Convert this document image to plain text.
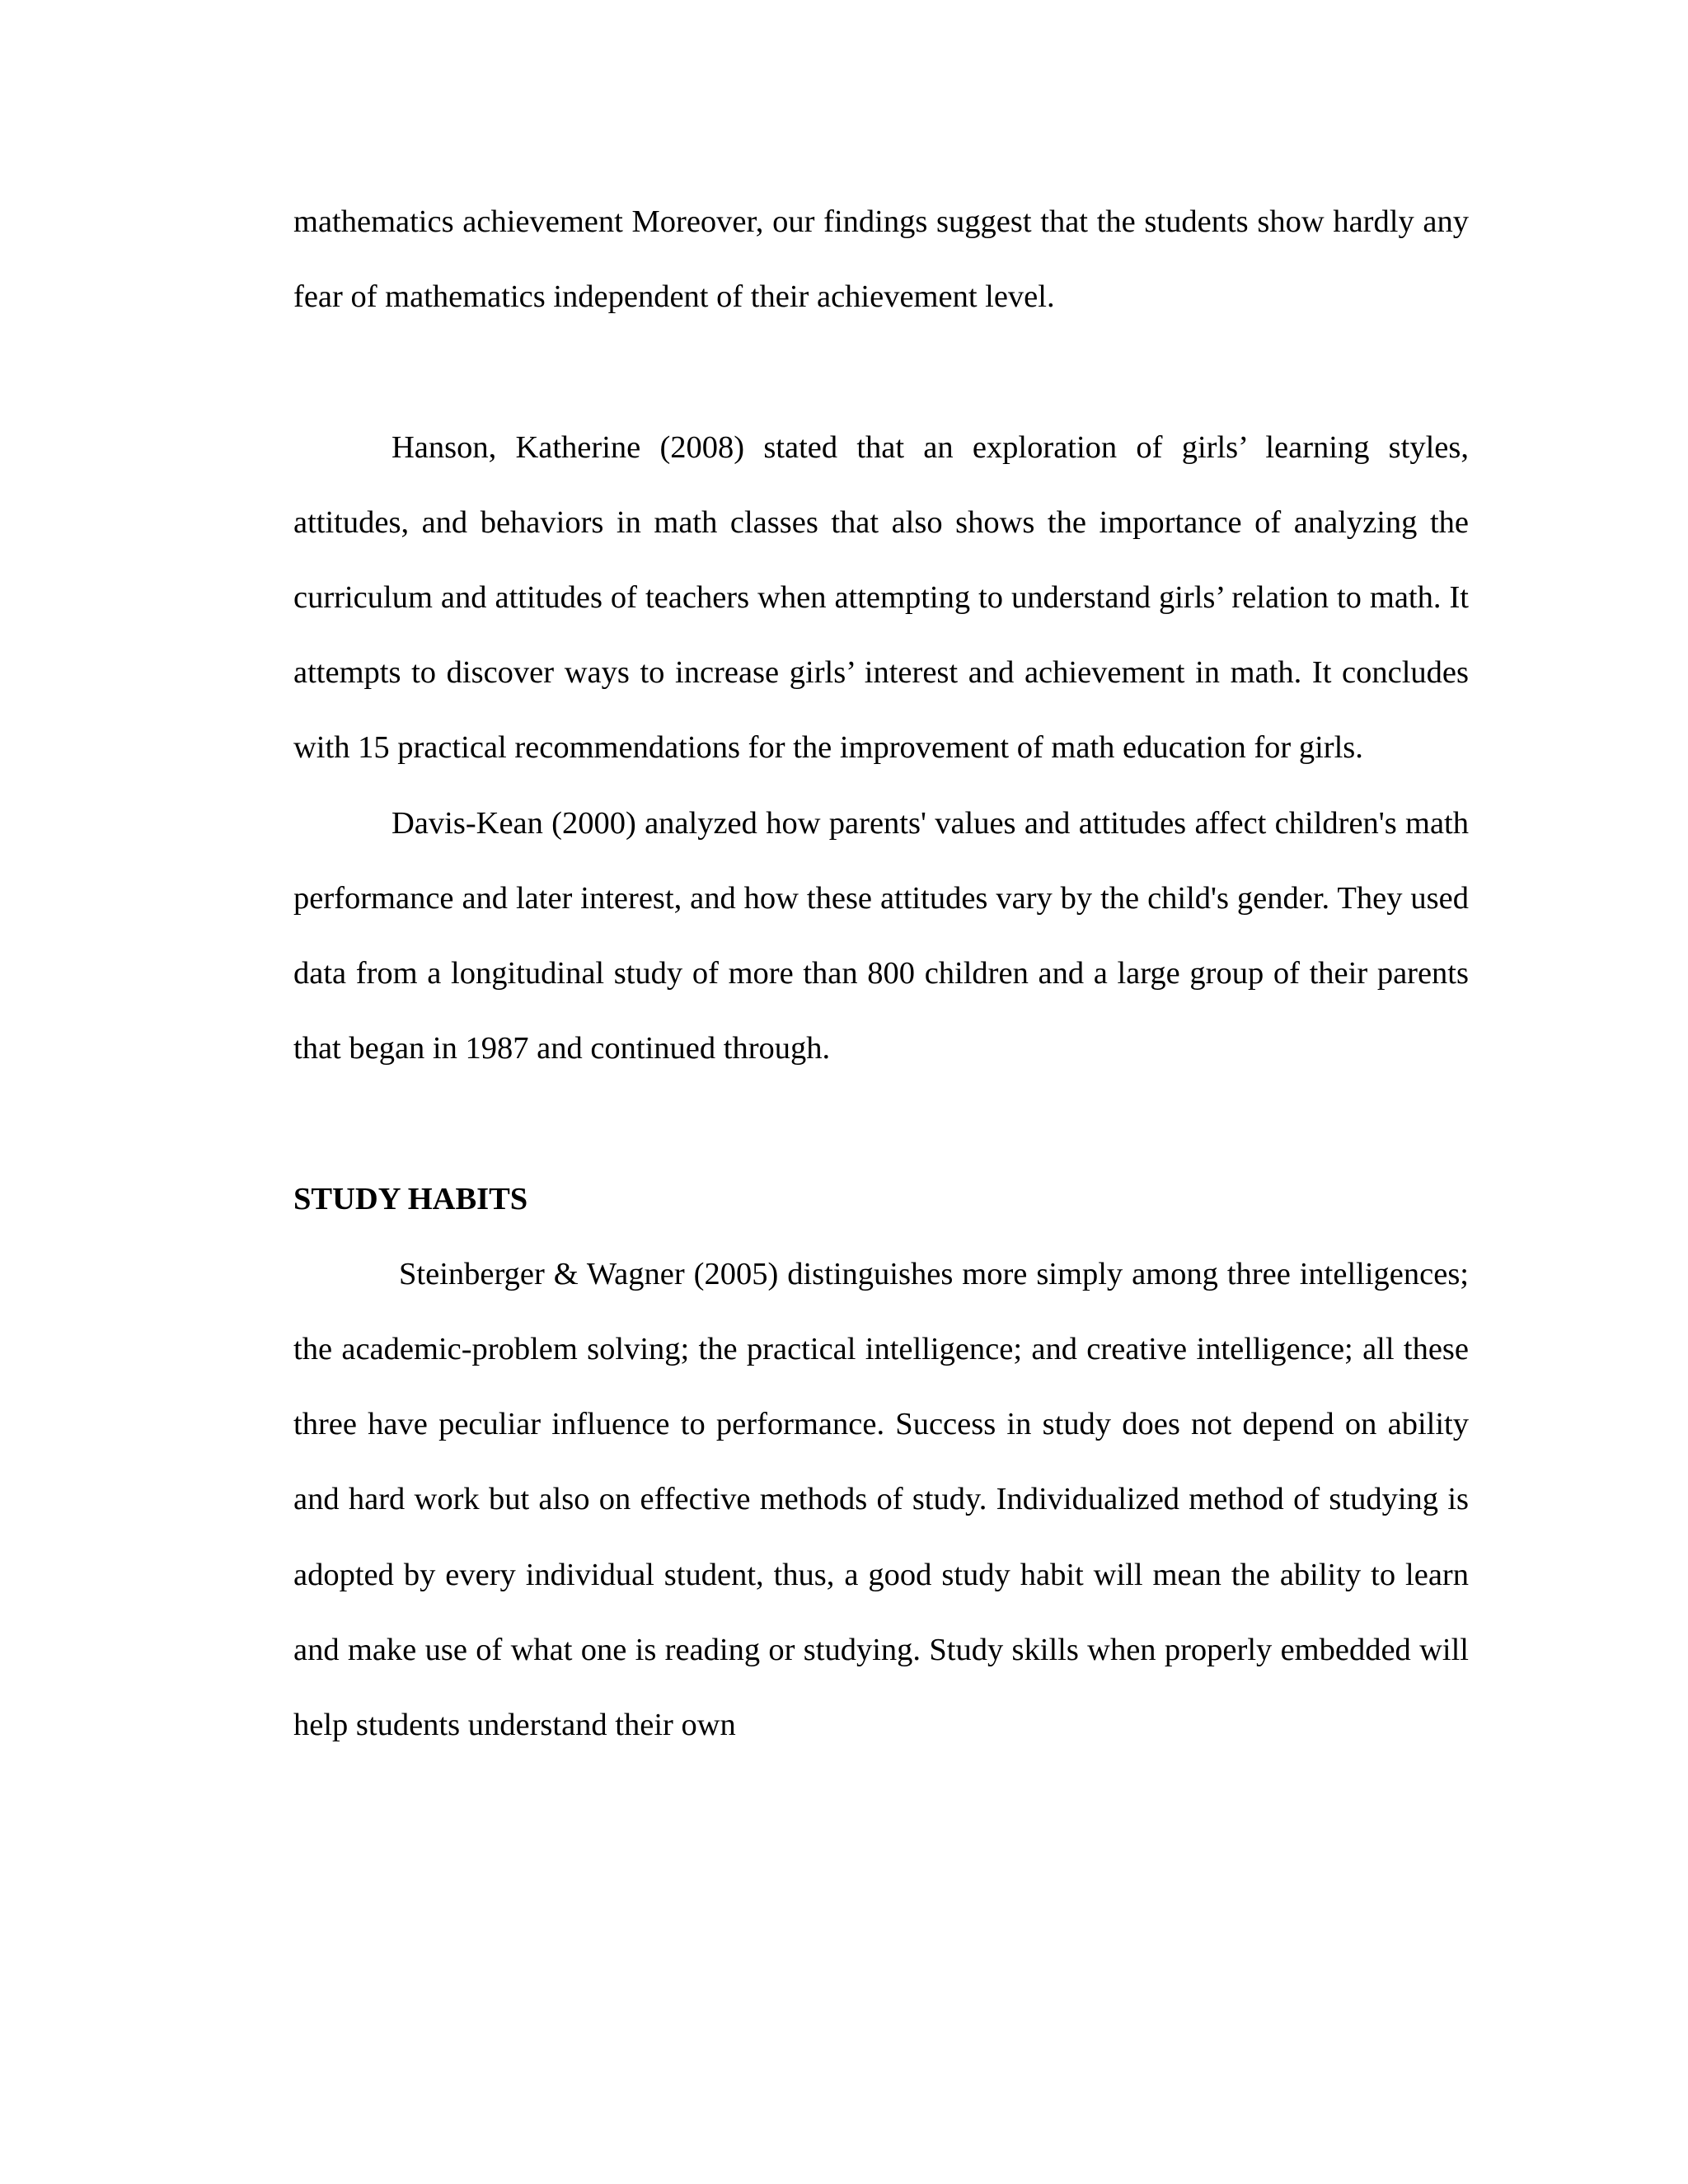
mathematics achievement Moreover, our findings suggest that the students show hardly any fear of mathematics independent of their achievement level.

Hanson, Katherine (2008) stated that an exploration of girls’ learning styles, attitudes, and behaviors in math classes that also shows the importance of analyzing the curriculum and attitudes of teachers when attempting to understand girls’ relation to math. It attempts to discover ways to increase girls’ interest and achievement in math. It concludes with 15 practical recommendations for the improvement of math education for girls.

Davis-Kean (2000) analyzed how parents' values and attitudes affect children's math performance and later interest, and how these attitudes vary by the child's gender. They used data from a longitudinal study of more than 800 children and a large group of their parents that began in 1987 and continued through.

STUDY HABITS

Steinberger & Wagner (2005) distinguishes more simply among three intelligences; the academic-problem solving; the practical intelligence; and creative intelligence; all these three have peculiar influence to performance. Success in study does not depend on ability and hard work but also on effective methods of study. Individualized method of studying is adopted by every individual student, thus, a good study habit will mean the ability to learn and make use of what one is reading or studying. Study skills when properly embedded will help students understand their own
